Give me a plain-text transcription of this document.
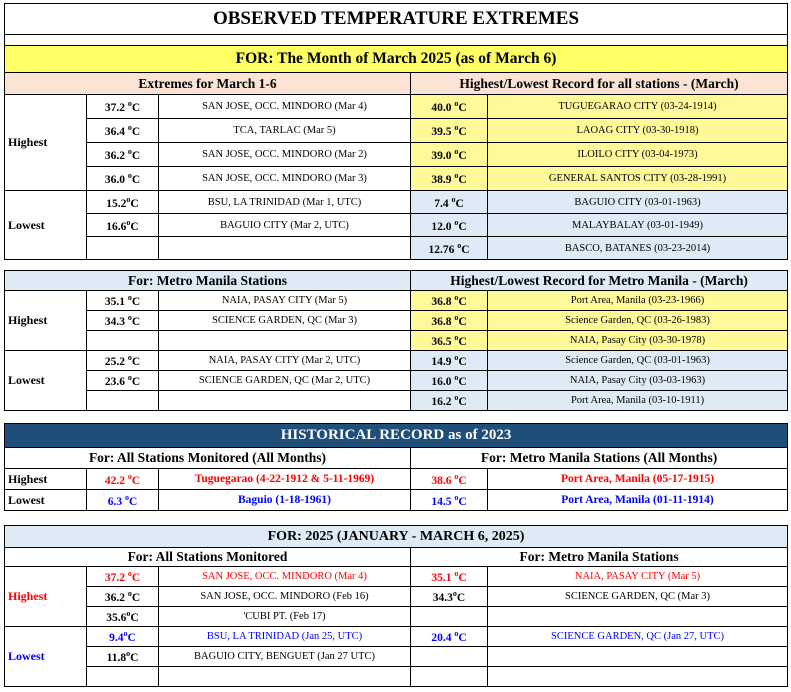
OBSERVED TEMPERATURE EXTREMES				

FOR: The Month of March 2025 (as of March 6)				
Extremes for March 1-6			Highest/Lowest Record for all stations - (March)	
Highest	37.2 $^o$C	SAN JOSE, OCC. MINDORO (Mar 4)	40.0 $^o$C	TUGUEGARAO CITY (03-24-1914)
	36.4 $^o$C	TCA, TARLAC (Mar 5)	39.5 $^o$C	LAOAG CITY (03-30-1918)
	36.2 $^o$C	SAN JOSE, OCC. MINDORO (Mar 2)	39.0 $^o$C	ILOILO CITY (03-04-1973)
	36.0 $^o$C	SAN JOSE, OCC. MINDORO (Mar 3)	38.9 $^o$C	GENERAL SANTOS CITY (03-28-1991)
Lowest	15.2$^o$C	BSU, LA TRINIDAD (Mar 1, UTC)	7.4 $^o$C	BAGUIO CITY (03-01-1963)
	16.6$^o$C	BAGUIO CITY (Mar 2, UTC)	12.0 $^o$C	MALAYBALAY (03-01-1949)
			12.76 $^o$C	BASCO, BATANES (03-23-2014)
For: Metro Manila Stations			Highest/Lowest Record for Metro Manila - (March)	
Highest	35.1 $^o$C	NAIA, PASAY CITY (Mar 5)	36.8 $^o$C	Port Area, Manila (03-23-1966)
	34.3 $^o$C	SCIENCE GARDEN, QC (Mar 3)	36.8 $^o$C	Science Garden, QC (03-26-1983)
			36.5 $^o$C	NAIA, Pasay City (03-30-1978)
Lowest	25.2 $^o$C	NAIA, PASAY CITY (Mar 2, UTC)	14.9 $^o$C	Science Garden, QC (03-01-1963)
	23.6 $^o$C	SCIENCE GARDEN, QC (Mar 2, UTC)	16.0 $^o$C	NAIA, Pasay City (03-03-1963)
			16.2 $^o$C	Port Area, Manila (03-10-1911)
HISTORICAL RECORD as of 2023				
For: All Stations Monitored (All Months)			For: Metro Manila Stations (All Months)	
Highest	42.2 $^o$C	Tuguegarao (4-22-1912 & 5-11-1969)	38.6 $^o$C	Port Area, Manila (05-17-1915)
Lowest	6.3 $^o$C	Baguio (1-18-1961)	14.5 $^o$C	Port Area, Manila (01-11-1914)
FOR: 2025 (JANUARY - MARCH 6, 2025)				
For: All Stations Monitored			For: Metro Manila Stations	
Highest	37.2 $^o$C	SAN JOSE, OCC. MINDORO (Mar 4)	35.1 $^o$C	NAIA, PASAY CITY (Mar 5)
	36.2 $^o$C	SAN JOSE, OCC. MINDORO (Feb 16)	34.3$^o$C	SCIENCE GARDEN, QC (Mar 3)
	35.6$^o$C	'CUBI PT. (Feb 17)		
Lowest	9.4$^o$C	BSU, LA TRINIDAD (Jan 25, UTC)	20.4 $^o$C	SCIENCE GARDEN, QC (Jan 27, UTC)
	11.8$^o$C	BAGUIO CITY, BENGUET (Jan 27 UTC)		
